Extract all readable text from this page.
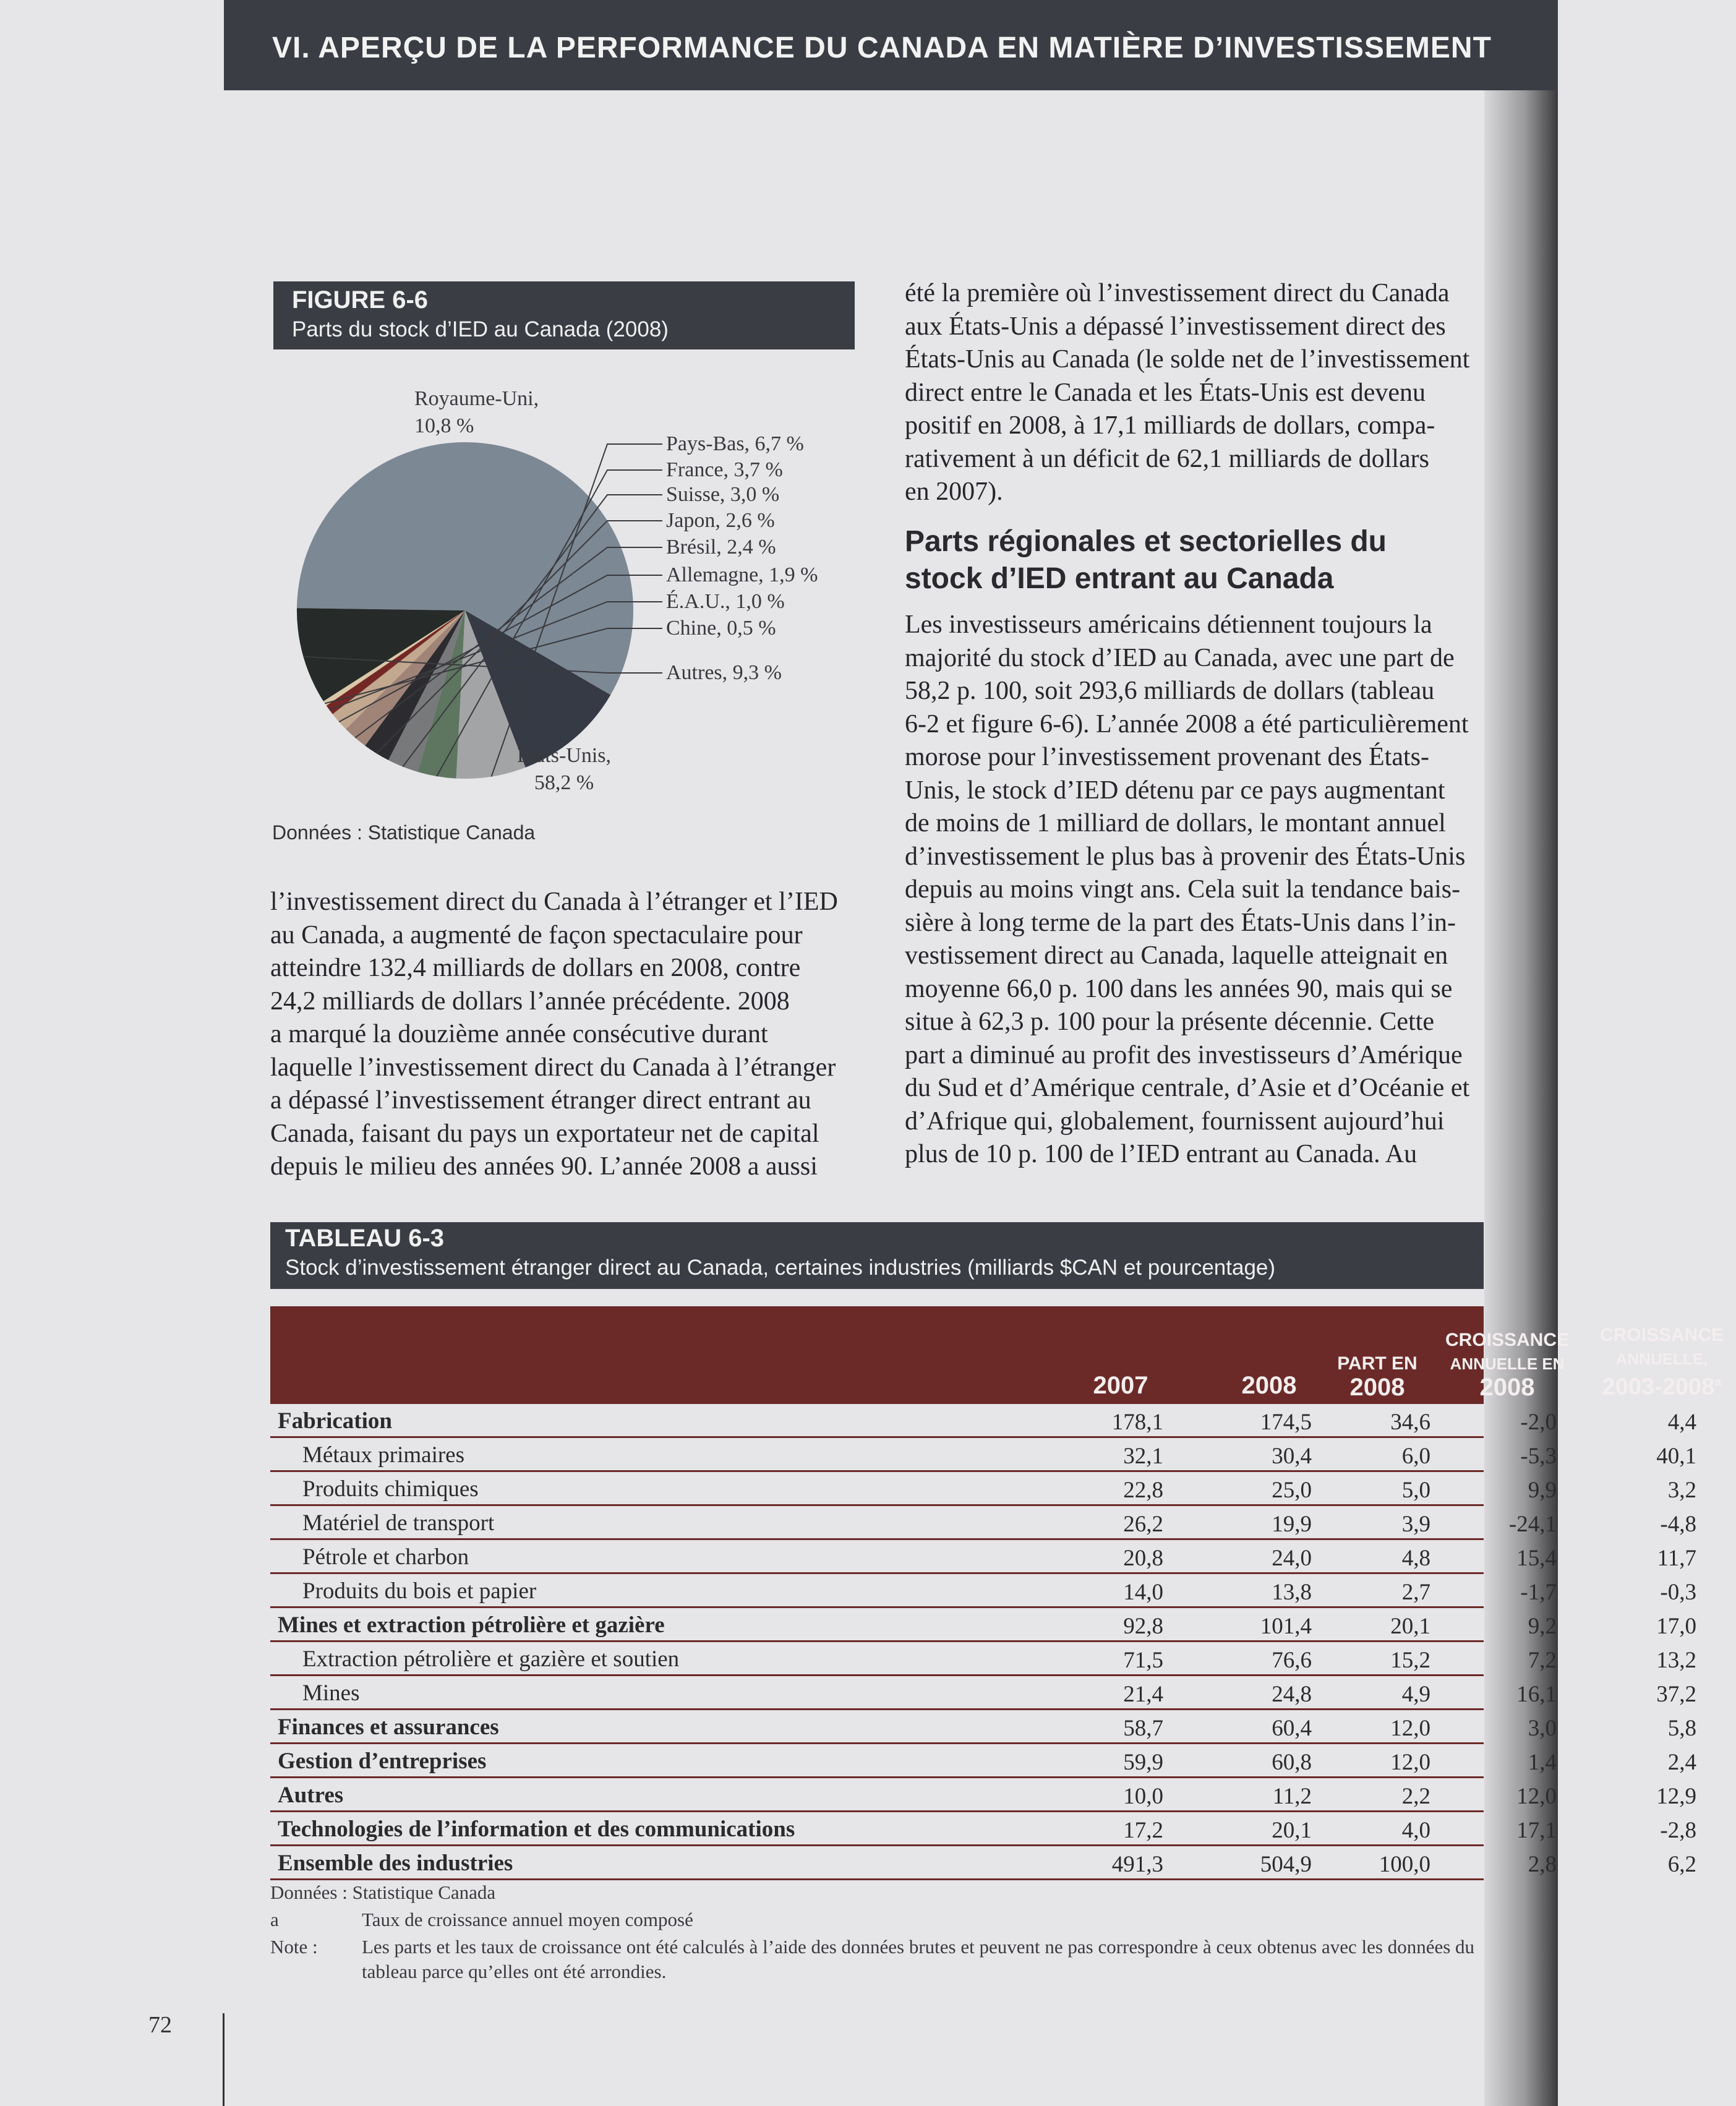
VI. APERÇU DE LA PERFORMANCE DU CANADA EN MATIÈRE D’INVESTISSEMENT
FIGURE 6-6
Parts du stock d’IED au Canada (2008)
États-Unis,
58,2 %
Royaume-Uni,
10,8 %
Pays-Bas, 6,7 %
France, 3,7 %
Suisse, 3,0 %
Japon, 2,6 %
Brésil, 2,4 %
Allemagne, 1,9 %
É.A.U., 1,0 %
Chine, 0,5 %
Autres, 9,3 %
Données : Statistique Canada
l’investissement direct du Canada à l’étranger et l’IED
au Canada, a augmenté de façon spectaculaire pour
atteindre 132,4 milliards de dollars en 2008, contre
24,2 milliards de dollars l’année précédente. 2008
a marqué la douzième année consécutive durant
laquelle l’investissement direct du Canada à l’étranger
a dépassé l’investissement étranger direct entrant au
Canada, faisant du pays un exportateur net de capital
depuis le milieu des années 90. L’année 2008 a aussi
été la première où l’investissement direct du Canada
aux États-Unis a dépassé l’investissement direct des
États-Unis au Canada (le solde net de l’investissement
direct entre le Canada et les États-Unis est devenu
positif en 2008, à 17,1 milliards de dollars, compa-
rativement à un déficit de 62,1 milliards de dollars
en 2007).
Parts régionales et sectorielles du
stock d’IED entrant au Canada
Les investisseurs américains détiennent toujours la
majorité du stock d’IED au Canada, avec une part de
58,2 p. 100, soit 293,6 milliards de dollars (tableau
6-2 et figure 6-6). L’année 2008 a été particulièrement
morose pour l’investissement provenant des États-
Unis, le stock d’IED détenu par ce pays augmentant
de moins de 1 milliard de dollars, le montant annuel
d’investissement le plus bas à provenir des États-Unis
depuis au moins vingt ans. Cela suit la tendance bais-
sière à long terme de la part des États-Unis dans l’in-
vestissement direct au Canada, laquelle atteignait en
moyenne 66,0 p. 100 dans les années 90, mais qui se
situe à 62,3 p. 100 pour la présente décennie. Cette
part a diminué au profit des investisseurs d’Amérique
du Sud et d’Amérique centrale, d’Asie et d’Océanie et
d’Afrique qui, globalement, fournissent aujourd’hui
plus de 10 p. 100 de l’IED entrant au Canada. Au
TABLEAU 6-3
Stock d’investissement étranger direct au Canada, certaines industries (milliards $CAN et pourcentage)
2007	2008
PART EN
2008
CROISSANCE
ANNUELLE EN
2008
CROISSANCE
ANNUELLE,
2003-2008$^a$
Fabrication	178,1	174,5	34,6	-2,0	4,4
Métaux primaires	32,1	30,4	6,0	-5,3	40,1
Produits chimiques	22,8	25,0	5,0	9,9	3,2
Matériel de transport	26,2	19,9	3,9	-24,1	-4,8
Pétrole et charbon	20,8	24,0	4,8	15,4	11,7
Produits du bois et papier	14,0	13,8	2,7	-1,7	-0,3
Mines et extraction pétrolière et gazière	92,8	101,4	20,1	9,2	17,0
Extraction pétrolière et gazière et soutien	71,5	76,6	15,2	7,2	13,2
Mines	21,4	24,8	4,9	16,1	37,2
Finances et assurances	58,7	60,4	12,0	3,0	5,8
Gestion d’entreprises	59,9	60,8	12,0	1,4	2,4
Autres	10,0	11,2	2,2	12,0	12,9
Technologies de l’information et des communications	17,2	20,1	4,0	17,1	-2,8
Ensemble des industries	491,3	504,9	100,0	2,8	6,2
Données : Statistique Canada
a	Taux de croissance annuel moyen composé
Note : Les parts et les taux de croissance ont été calculés à l’aide des données brutes et peuvent ne pas correspondre à ceux obtenus avec les données du tableau parce qu’elles ont été arrondies.
72
